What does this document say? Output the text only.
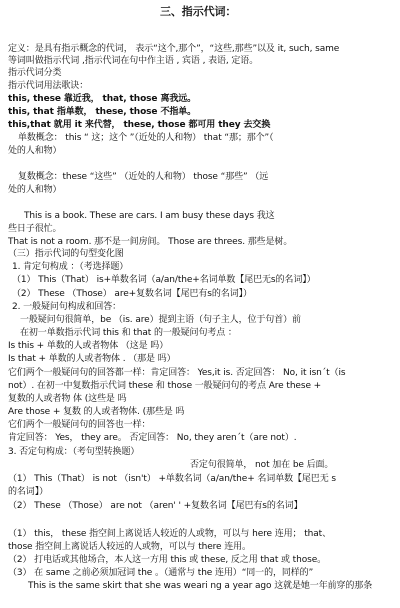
三、指示代词：
定义：是具有指示概念的代词， 表示“这个,那个”，“这些,那些”以及 it, such, same
等词叫做指示代词 ,指示代词在句中作主语 , 宾语 , 表语, 定语。
指示代词分类
指示代词用法歌诀：
this, these 靠近我， that, those 离我远。
this, that 指单数， these, those 不指单。
this,that 就用 it 来代替， these, those 都可用 they 去交换
单数概念： this “ 这；这个 ”（近处的人和物） that “那；那个”（
处的人和物）
复数概念：these “这些” （近处的人和物） those “那些” （远
处的人和物）
This is a book. These are cars. I am busy these days 我这
些日子很忙。
That is not a room. 那不是一间房间。 Those are threes. 那些是树。
（三）指示代词的句型变化图
1. 肯定句构成 ：（考选择题）
（1） This（That） is+单数名词（a/an/the+名词单数【尾巴无s的名词】）
（2） These （Those） are+复数名词【尾巴有s的名词】）
2. 一般疑问句构成和回答：
一般疑问句很简单，be （is. are）提到主语（句子主人，位于句首）前
在初一单数指示代词 this 和 that 的一般疑问句考点 ：
Is this + 单数的人或者物体 （这是 吗）
Is that + 单数的人或者物体 . （那是 吗）
它们两个一般疑问句的回答都一样：肯定回答： Yes,it is. 否定回答： No, it isn´t（is
not）. 在初一中复数指示代词 these 和 those 一般疑问句的考点 Are these +
复数的人或者物 体 (这些是 吗
Are those + 复数 的人或者物体. (那些是 吗
它们两个一般疑问句的回答也一样：
肯定回答： Yes， they are。 否定回答： No, they aren´t（are not）.
3. 否定句构成：（考句型转换题）
否定句很简单， not 加在 be 后面。
（1） This（That） is not （isn't） +单数名词（a/an/the+ 名词单数【尾巴无 s
的名词】）
（2） These （Those） are not （aren' ' +复数名词【尾巴有s的名词】
（1） this， these 指空间上离说话人较近的人或物，可以与 here 连用； that、
those 指空间上离说话人较远的人或物，可以与 there 连用。
（2） 打电话或其他场合，本人这一方用 this 或 these, 反之用 that 或 those。
（3） 在 same 之前必须加冠词 the 。（通常与 the 连用）“同一的，同样的”
This is the same skirt that she was weari ng a year ago 这就是她一年前穿的那条
